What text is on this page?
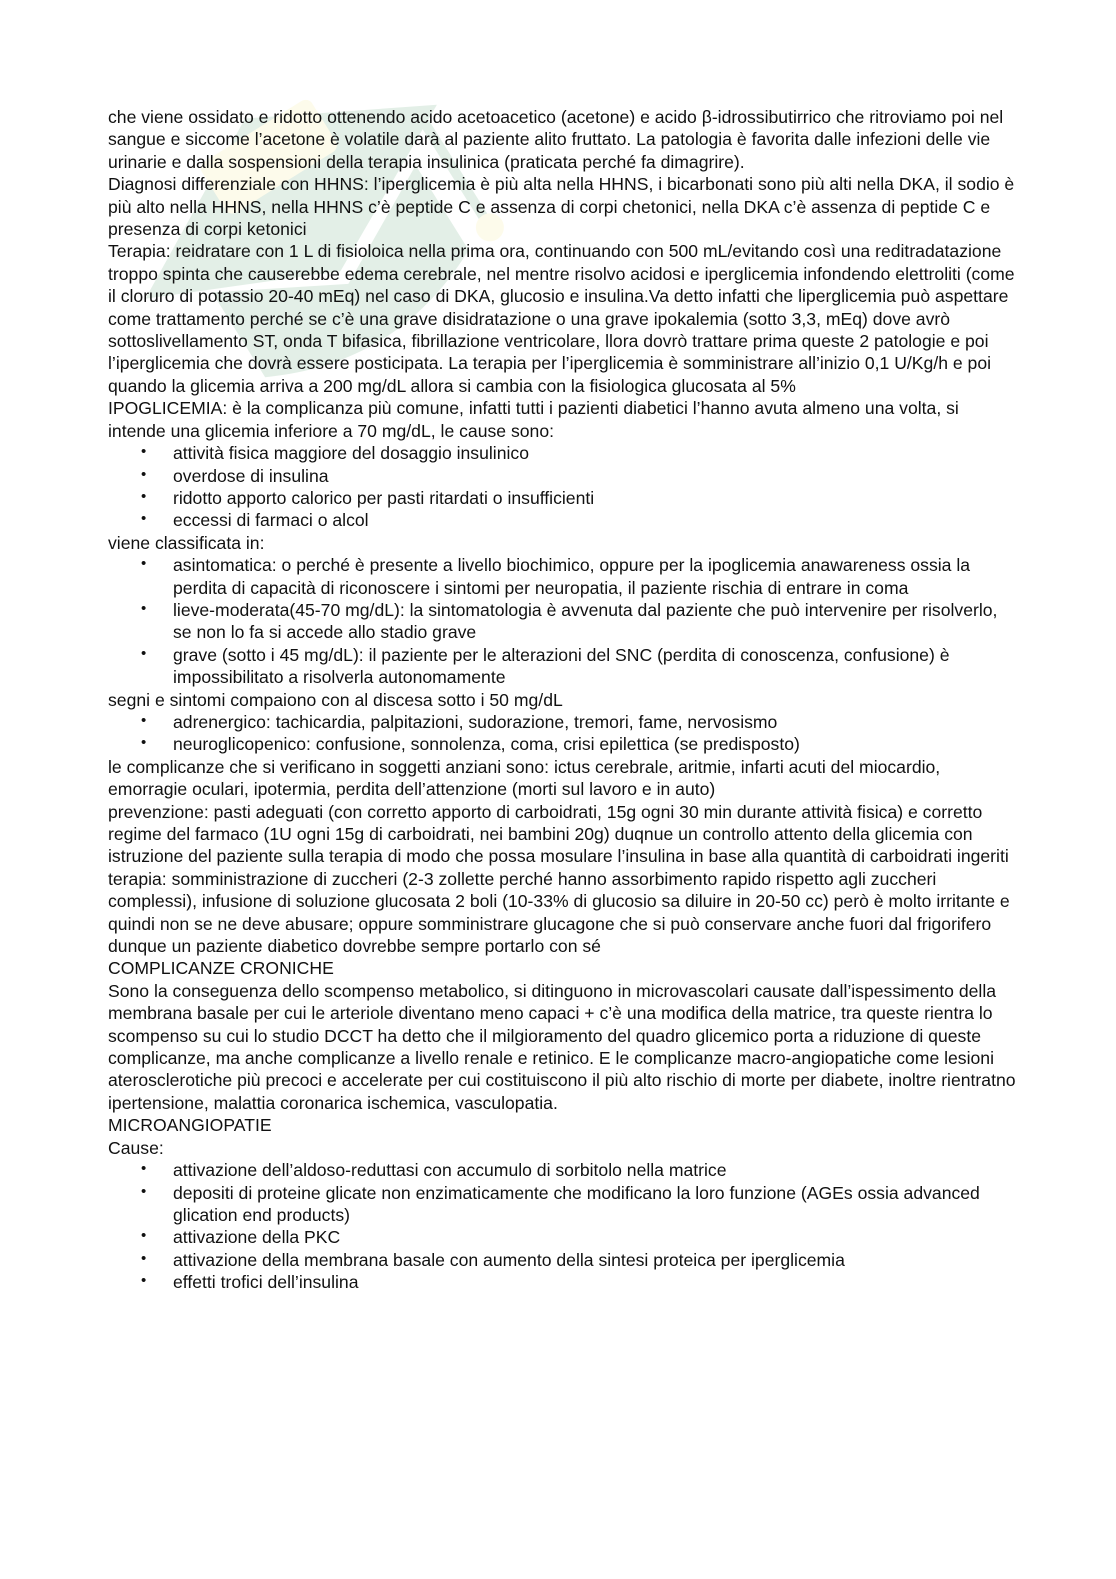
che viene ossidato e ridotto ottenendo acido acetoacetico (acetone) e acido β-idrossibutirrico che ritroviamo poi nel sangue e siccome l’acetone è volatile darà al paziente alito fruttato. La patologia è favorita dalle infezioni delle vie urinarie e dalla sospensioni della terapia insulinica (praticata perché fa dimagrire).

Diagnosi differenziale con HHNS: l’iperglicemia è più alta nella HHNS, i bicarbonati sono più alti nella DKA, il sodio è più alto nella HHNS, nella HHNS c’è peptide C e assenza di corpi chetonici, nella DKA c’è assenza di peptide C e presenza di corpi ketonici

Terapia: reidratare con 1 L di fisioloica nella prima ora, continuando con 500 mL/evitando così una reditradatazione troppo spinta che causerebbe edema cerebrale, nel mentre risolvo acidosi e iperglicemia infondendo elettroliti (come il cloruro di potassio 20-40 mEq) nel caso di DKA, glucosio e insulina.Va detto infatti che liperglicemia può aspettare come trattamento perché se c’è una grave disidratazione o una grave ipokalemia (sotto 3,3, mEq) dove avrò sottoslivellamento ST, onda T bifasica, fibrillazione ventricolare, llora dovrò trattare prima queste 2 patologie e poi l’iperglicemia che dovrà essere posticipata. La terapia per l’iperglicemia è somministrare all’inizio 0,1 U/Kg/h e poi quando la glicemia arriva a 200 mg/dL allora si cambia con la fisiologica glucosata al 5%

IPOGLICEMIA: è la complicanza più comune, infatti tutti i pazienti diabetici l’hanno avuta almeno una volta, si intende una glicemia inferiore a 70 mg/dL, le cause sono:

• attività fisica maggiore del dosaggio insulinico
• overdose di insulina
• ridotto apporto calorico per pasti ritardati o insufficienti
• eccessi di farmaci o alcol

viene classificata in:

• asintomatica: o perché è presente a livello biochimico, oppure per la ipoglicemia anawareness ossia la perdita di capacità di riconoscere i sintomi per neuropatia, il paziente rischia di entrare in coma
• lieve-moderata(45-70 mg/dL): la sintomatologia è avvenuta dal paziente che può intervenire per risolverlo, se non lo fa si accede allo stadio grave
• grave (sotto i 45 mg/dL): il paziente per le alterazioni del SNC (perdita di conoscenza, confusione) è impossibilitato a risolverla autonomamente

segni e sintomi compaiono con al discesa sotto i 50 mg/dL

• adrenergico: tachicardia, palpitazioni, sudorazione, tremori, fame, nervosismo
• neuroglicopenico: confusione, sonnolenza, coma, crisi epilettica (se predisposto)

le complicanze che si verificano in soggetti anziani sono: ictus cerebrale, aritmie, infarti acuti del miocardio, emorragie oculari, ipotermia, perdita dell’attenzione (morti sul lavoro e in auto)

prevenzione: pasti adeguati (con corretto apporto di carboidrati, 15g ogni 30 min durante attività fisica) e corretto regime del farmaco (1U ogni 15g di carboidrati, nei bambini 20g) duqnue un controllo attento della glicemia con istruzione del paziente sulla terapia di modo che possa mosulare l’insulina in base alla quantità di carboidrati ingeriti

terapia: somministrazione di zuccheri (2-3 zollette perché hanno assorbimento rapido rispetto agli zuccheri complessi), infusione di soluzione glucosata 2 boli (10-33% di glucosio sa diluire in 20-50 cc) però è molto irritante e quindi non se ne deve abusare; oppure somministrare glucagone che si può conservare anche fuori dal frigorifero dunque un paziente diabetico dovrebbe sempre portarlo con sé

COMPLICANZE CRONICHE

Sono la conseguenza dello scompenso metabolico, si ditinguono in microvascolari causate dall’ispessimento della membrana basale per cui le arteriole diventano meno capaci + c’è una modifica della matrice, tra queste rientra lo scompenso su cui lo studio DCCT ha detto che il milgioramento del quadro glicemico porta a riduzione di queste complicanze, ma anche complicanze a livello renale e retinico. E le complicanze macro-angiopatiche come lesioni aterosclerotiche più precoci e accelerate per cui costituiscono il più alto rischio di morte per diabete, inoltre rientratno ipertensione, malattia coronarica ischemica, vasculopatia.

MICROANGIOPATIE

Cause:

• attivazione dell’aldoso-reduttasi con accumulo di sorbitolo nella matrice
• depositi di proteine glicate non enzimaticamente che modificano la loro funzione (AGEs ossia advanced glication end products)
• attivazione della PKC
• attivazione della membrana basale con aumento della sintesi proteica per iperglicemia
• effetti trofici dell’insulina
